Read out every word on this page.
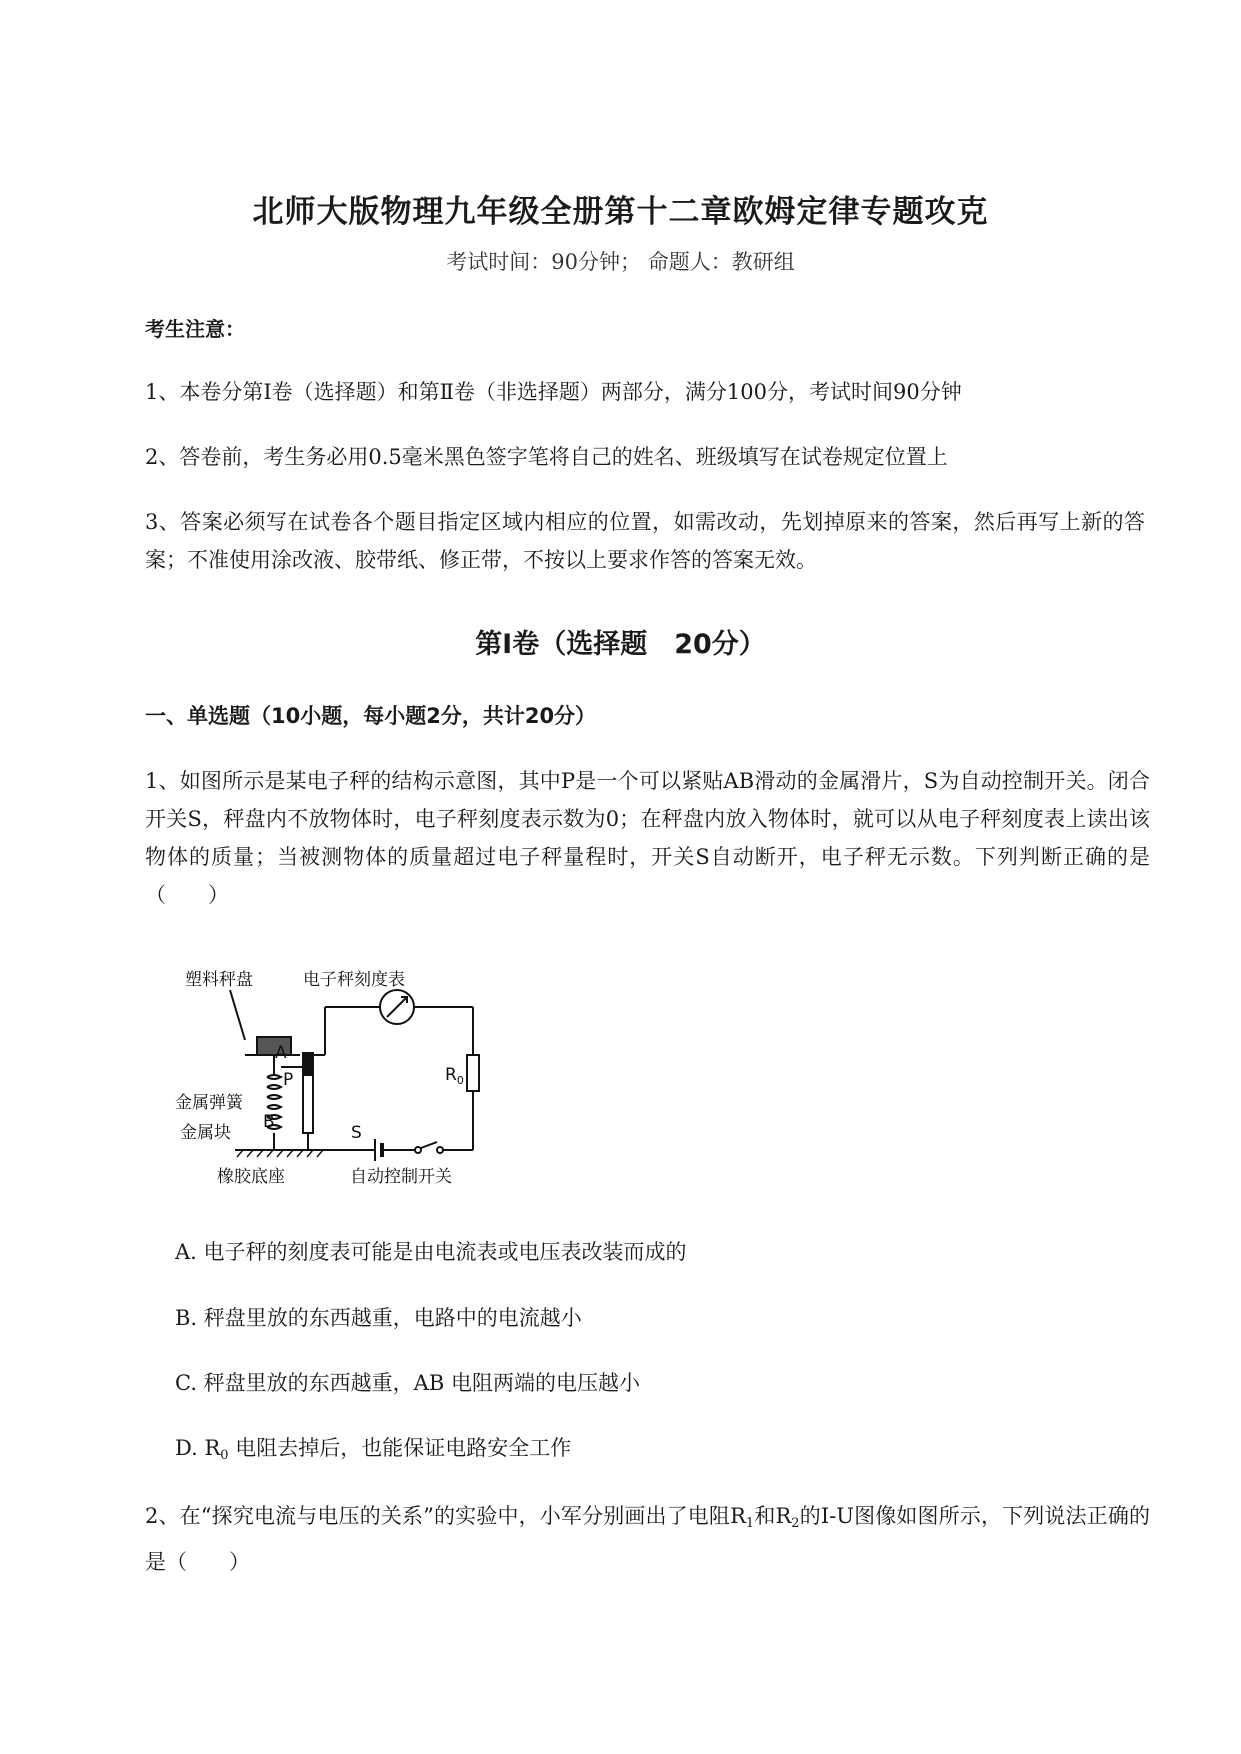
北师大版物理九年级全册第十二章欧姆定律专题攻克
考试时间：90分钟； 命题人：教研组
考生注意：
1、本卷分第Ⅰ卷（选择题）和第Ⅱ卷（非选择题）两部分，满分100分，考试时间90分钟
2、答卷前，考生务必用0.5毫米黑色签字笔将自己的姓名、班级填写在试卷规定位置上
3、答案必须写在试卷各个题目指定区域内相应的位置，如需改动，先划掉原来的答案，然后再写上新的答案；不准使用涂改液、胶带纸、修正带，不按以上要求作答的答案无效。
第Ⅰ卷（选择题　20分）
一、单选题（10小题，每小题2分，共计20分）
1、如图所示是某电子秤的结构示意图，其中P是一个可以紧贴AB滑动的金属滑片，S为自动控制开关。闭合开关S，秤盘内不放物体时，电子秤刻度表示数为0；在秤盘内放入物体时，就可以从电子秤刻度表上读出该物体的质量；当被测物体的质量超过电子秤量程时，开关S自动断开，电子秤无示数。下列判断正确的是（　　）
塑料秤盘	电子秤刻度表
金属弹簧
金属块
橡胶底座	自动控制开关
A
B
P
S
$R_0$
A. 电子秤的刻度表可能是由电流表或电压表改装而成的
B. 秤盘里放的东西越重，电路中的电流越小
C. 秤盘里放的东西越重，AB 电阻两端的电压越小
D. $R_0$ 电阻去掉后，也能保证电路安全工作
2、在“探究电流与电压的关系”的实验中，小军分别画出了电阻$R_1$和$R_2$的I-U图像如图所示，下列说法正确的是（　　）
